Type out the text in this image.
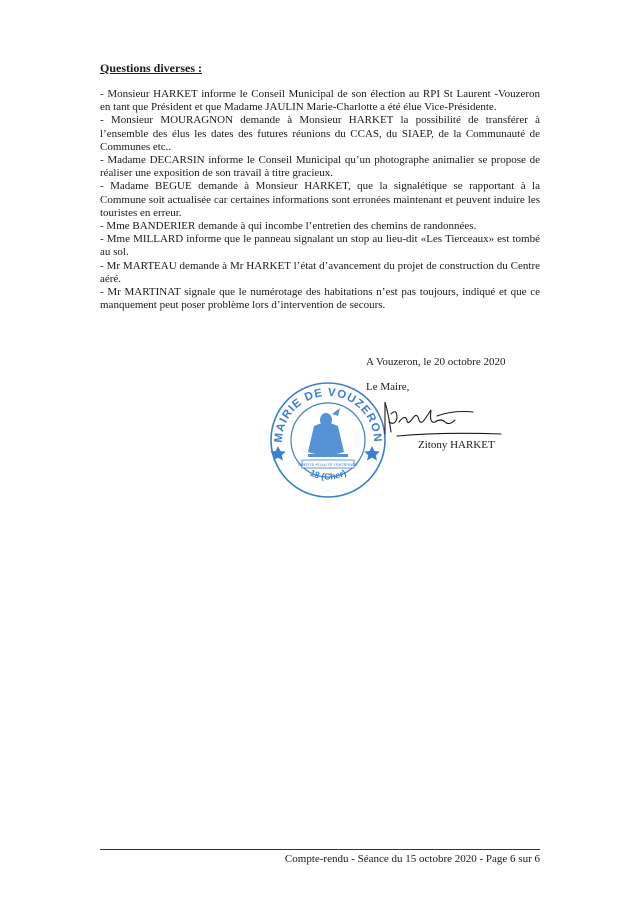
Questions diverses :

- Monsieur HARKET informe le Conseil Municipal de son élection au RPI St Laurent -Vouzeron en tant que Président et que Madame JAULIN Marie-Charlotte a été élue Vice-Présidente.

- Monsieur MOURAGNON demande à Monsieur HARKET la possibilité de transférer à l’ensemble des élus les dates des futures réunions du CCAS, du SIAEP, de la Communauté de Communes etc..

- Madame DECARSIN informe le Conseil Municipal qu’un photographe animalier se propose de réaliser une exposition de son travail à titre gracieux.

- Madame BEGUE demande à Monsieur HARKET, que la signalétique se rapportant à la Commune soit actualisée car certaines informations sont erronées maintenant et peuvent induire les touristes en erreur.

- Mme BANDERIER demande à qui incombe l’entretien des chemins de randonnées.

- Mme MILLARD informe que le panneau signalant un stop au lieu-dit «Les Tierceaux» est tombé au sol.

- Mr MARTEAU demande à Mr HARKET l’état d’avancement du projet de construction du Centre aéré.

- Mr MARTINAT signale que le numérotage des habitations n’est pas toujours, indiqué et que ce manquement peut poser problème lors d’intervention de secours.

A Vouzeron, le 20 octobre 2020
Le Maire,
Zitony HARKET
MAIRIE DE VOUZERON
18 (Cher)
LIBERTÉ ÉGALITÉ FRATERNITÉ
Compte-rendu - Séance du 15 octobre 2020 - Page 6 sur 6
